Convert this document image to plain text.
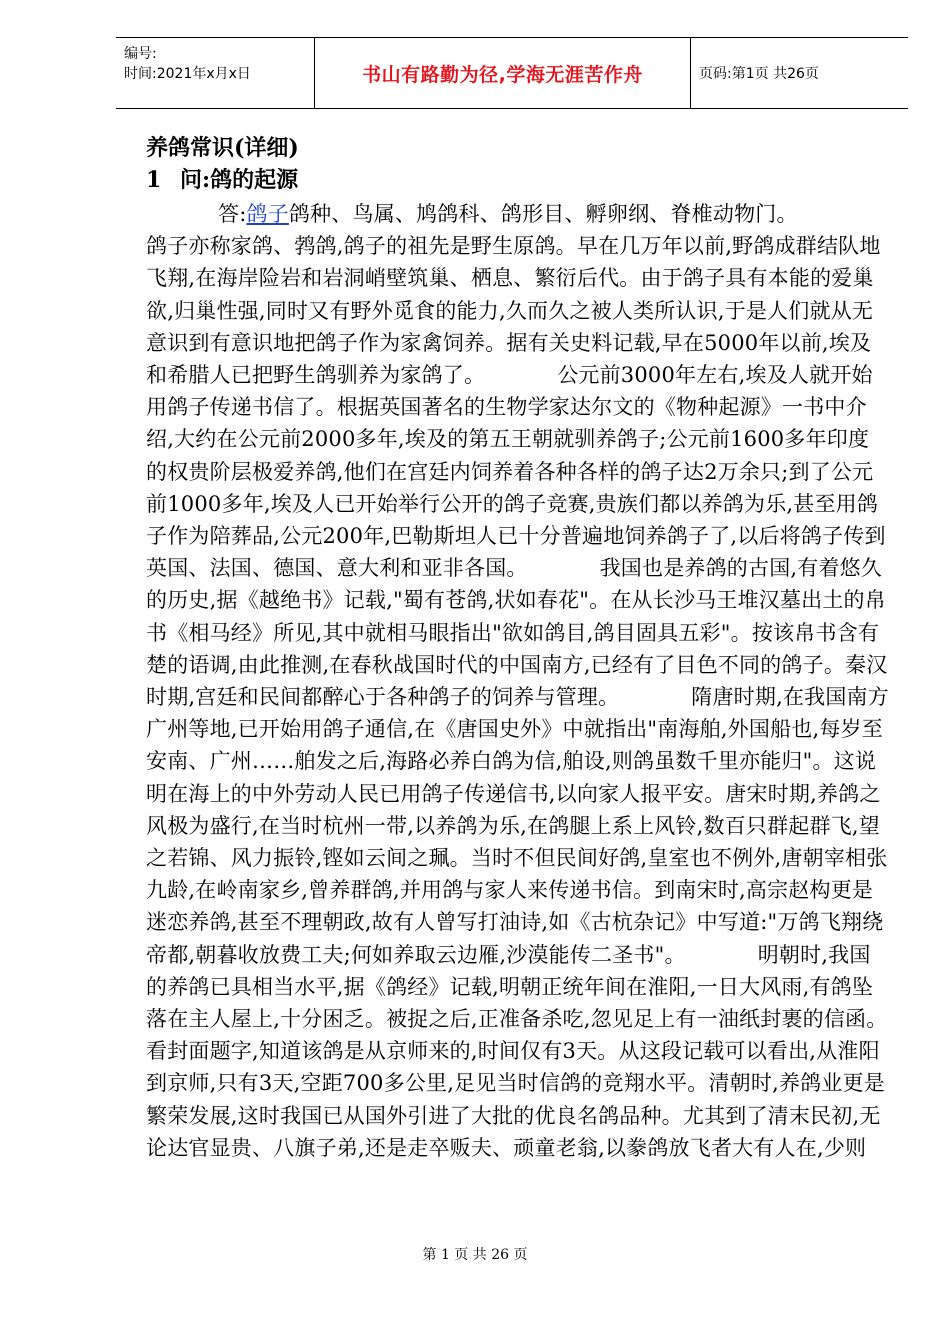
编号:
时间:2021年x月x日	书山有路勤为径,学海无涯苦作舟	页码:第1页 共26页

养鸽常识(详细)

1 问:鸽的起源

答:鸽子鸽种、鸟属、鸠鸽科、鸽形目、孵卵纲、脊椎动物门。鸽子亦称家鸽、鹁鸽,鸽子的祖先是野生原鸽。早在几万年以前,野鸽成群结队地飞翔,在海岸险岩和岩洞峭壁筑巢、栖息、繁衍后代。由于鸽子具有本能的爱巢欲,归巢性强,同时又有野外觅食的能力,久而久之被人类所认识,于是人们就从无意识到有意识地把鸽子作为家禽饲养。据有关史料记载,早在5000年以前,埃及和希腊人已把野生鸽驯养为家鸽了。	公元前3000年左右,埃及人就开始用鸽子传递书信了。根据英国著名的生物学家达尔文的《物种起源》一书中介绍,大约在公元前2000多年,埃及的第五王朝就驯养鸽子;公元前1600多年印度的权贵阶层极爱养鸽,他们在宫廷内饲养着各种各样的鸽子达2万余只;到了公元前1000多年,埃及人已开始举行公开的鸽子竞赛,贵族们都以养鸽为乐,甚至用鸽子作为陪葬品,公元200年,巴勒斯坦人已十分普遍地饲养鸽子了,以后将鸽子传到英国、法国、德国、意大利和亚非各国。	我国也是养鸽的古国,有着悠久的历史,据《越绝书》记载,"蜀有苍鸽,状如春花"。在从长沙马王堆汉墓出土的帛书《相马经》所见,其中就相马眼指出"欲如鸽目,鸽目固具五彩"。按该帛书含有楚的语调,由此推测,在春秋战国时代的中国南方,已经有了目色不同的鸽子。秦汉时期,宫廷和民间都醉心于各种鸽子的饲养与管理。	隋唐时期,在我国南方广州等地,已开始用鸽子通信,在《唐国史外》中就指出"南海舶,外国船也,每岁至安南、广州……舶发之后,海路必养白鸽为信,舶设,则鸽虽数千里亦能归"。这说明在海上的中外劳动人民已用鸽子传递信书,以向家人报平安。唐宋时期,养鸽之风极为盛行,在当时杭州一带,以养鸽为乐,在鸽腿上系上风铃,数百只群起群飞,望之若锦、风力振铃,铿如云间之珮。当时不但民间好鸽,皇室也不例外,唐朝宰相张九龄,在岭南家乡,曾养群鸽,并用鸽与家人来传递书信。到南宋时,高宗赵构更是迷恋养鸽,甚至不理朝政,故有人曾写打油诗,如《古杭杂记》中写道:"万鸽飞翔绕帝都,朝暮收放费工夫;何如养取云边雁,沙漠能传二圣书"。	明朝时,我国的养鸽已具相当水平,据《鸽经》记载,明朝正统年间在淮阳,一日大风雨,有鸽坠落在主人屋上,十分困乏。被捉之后,正准备杀吃,忽见足上有一油纸封裹的信函。看封面题字,知道该鸽是从京师来的,时间仅有3天。从这段记载可以看出,从淮阳到京师,只有3天,空距700多公里,足见当时信鸽的竞翔水平。清朝时,养鸽业更是繁荣发展,这时我国已从国外引进了大批的优良名鸽品种。尤其到了清末民初,无论达官显贵、八旗子弟,还是走卒贩夫、顽童老翁,以豢鸽放飞者大有人在,少则

第 1 页 共 26 页
